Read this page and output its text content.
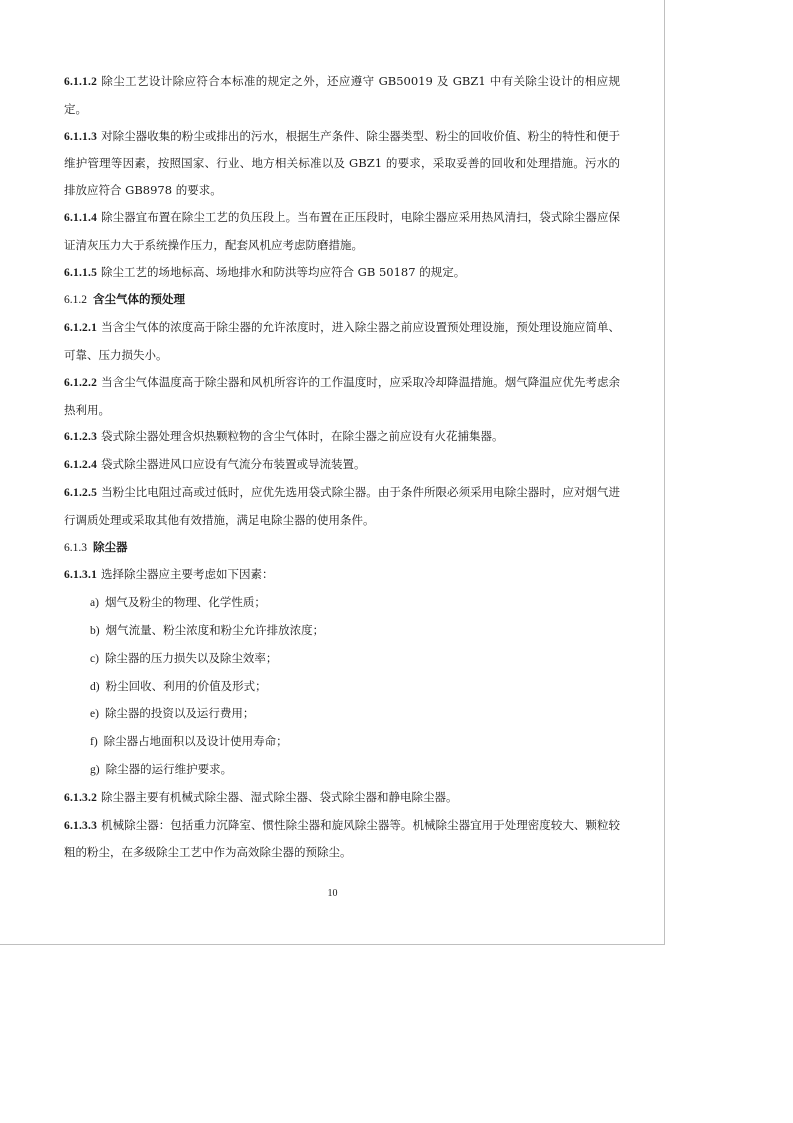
6.1.1.2 除尘工艺设计除应符合本标准的规定之外，还应遵守 GB50019 及 GBZ1 中有关除尘设计的相应规定。

6.1.1.3 对除尘器收集的粉尘或排出的污水，根据生产条件、除尘器类型、粉尘的回收价值、粉尘的特性和便于维护管理等因素，按照国家、行业、地方相关标准以及 GBZ1 的要求，采取妥善的回收和处理措施。污水的排放应符合 GB8978 的要求。

6.1.1.4 除尘器宜布置在除尘工艺的负压段上。当布置在正压段时，电除尘器应采用热风清扫，袋式除尘器应保证清灰压力大于系统操作压力，配套风机应考虑防磨措施。

6.1.1.5 除尘工艺的场地标高、场地排水和防洪等均应符合 GB 50187 的规定。

6.1.2 含尘气体的预处理

6.1.2.1 当含尘气体的浓度高于除尘器的允许浓度时，进入除尘器之前应设置预处理设施，预处理设施应简单、可靠、压力损失小。

6.1.2.2 当含尘气体温度高于除尘器和风机所容许的工作温度时，应采取冷却降温措施。烟气降温应优先考虑余热利用。

6.1.2.3 袋式除尘器处理含炽热颗粒物的含尘气体时，在除尘器之前应设有火花捕集器。

6.1.2.4 袋式除尘器进风口应设有气流分布装置或导流装置。

6.1.2.5 当粉尘比电阻过高或过低时，应优先选用袋式除尘器。由于条件所限必须采用电除尘器时，应对烟气进行调质处理或采取其他有效措施，满足电除尘器的使用条件。

6.1.3 除尘器

6.1.3.1 选择除尘器应主要考虑如下因素：

a) 烟气及粉尘的物理、化学性质；
b) 烟气流量、粉尘浓度和粉尘允许排放浓度；
c) 除尘器的压力损失以及除尘效率；
d) 粉尘回收、利用的价值及形式；
e) 除尘器的投资以及运行费用；
f) 除尘器占地面积以及设计使用寿命；
g) 除尘器的运行维护要求。

6.1.3.2 除尘器主要有机械式除尘器、湿式除尘器、袋式除尘器和静电除尘器。

6.1.3.3 机械除尘器：包括重力沉降室、惯性除尘器和旋风除尘器等。机械除尘器宜用于处理密度较大、颗粒较粗的粉尘，在多级除尘工艺中作为高效除尘器的预除尘。

10
